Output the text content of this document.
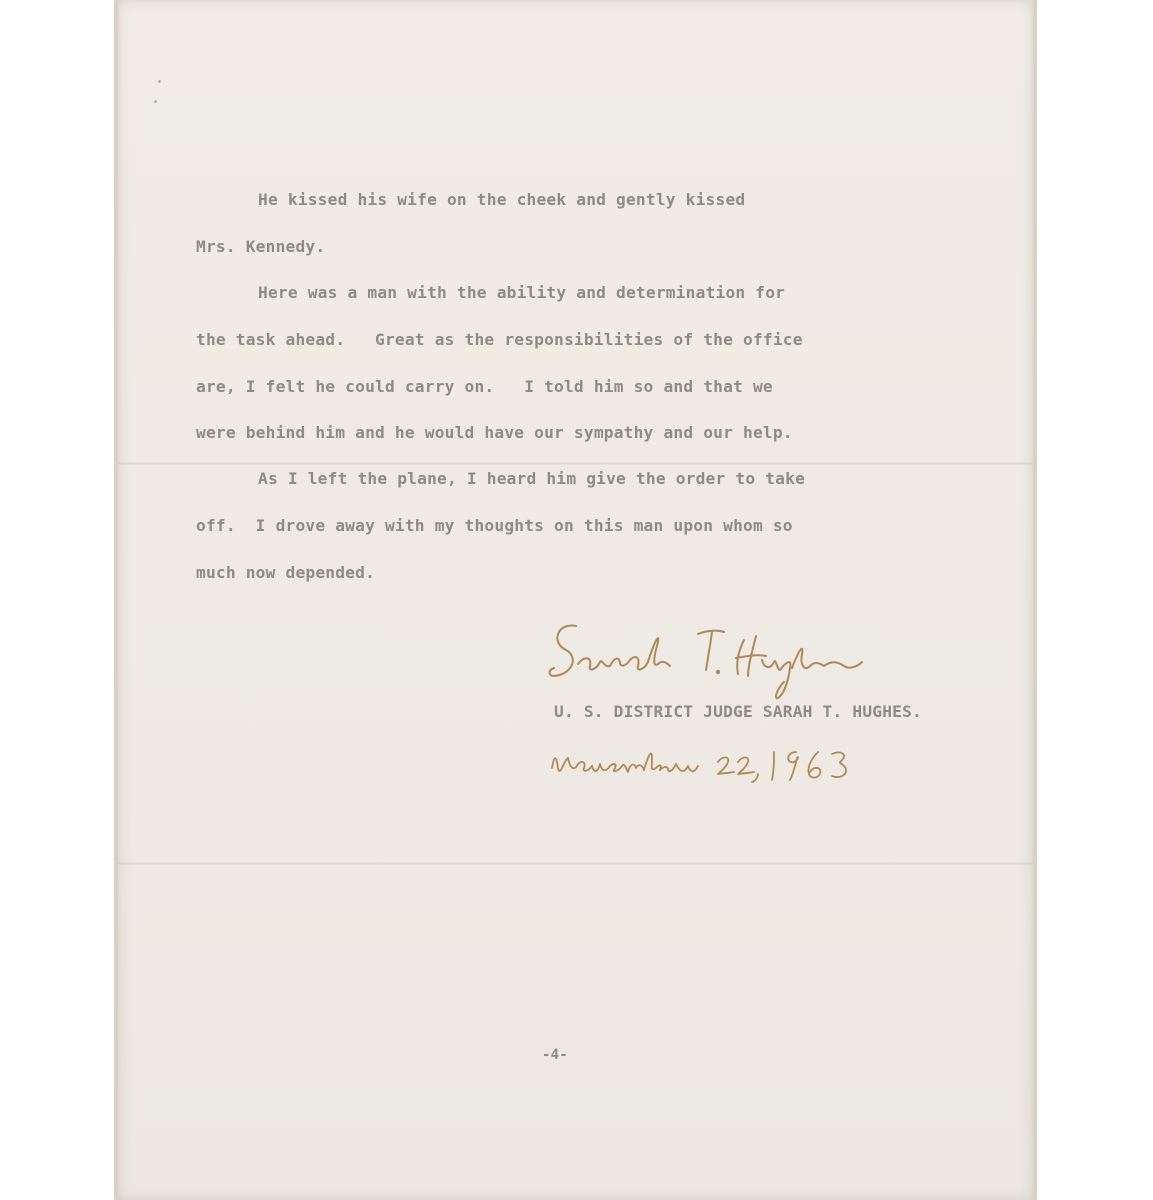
He kissed his wife on the cheek and gently kissed
Mrs. Kennedy.
Here was a man with the ability and determination for
the task ahead.   Great as the responsibilities of the office
are, I felt he could carry on.   I told him so and that we
were behind him and he would have our sympathy and our help.
As I left the plane, I heard him give the order to take
off.  I drove away with my thoughts on this man upon whom so
much now depended.
U. S. DISTRICT JUDGE SARAH T. HUGHES.
-4-
